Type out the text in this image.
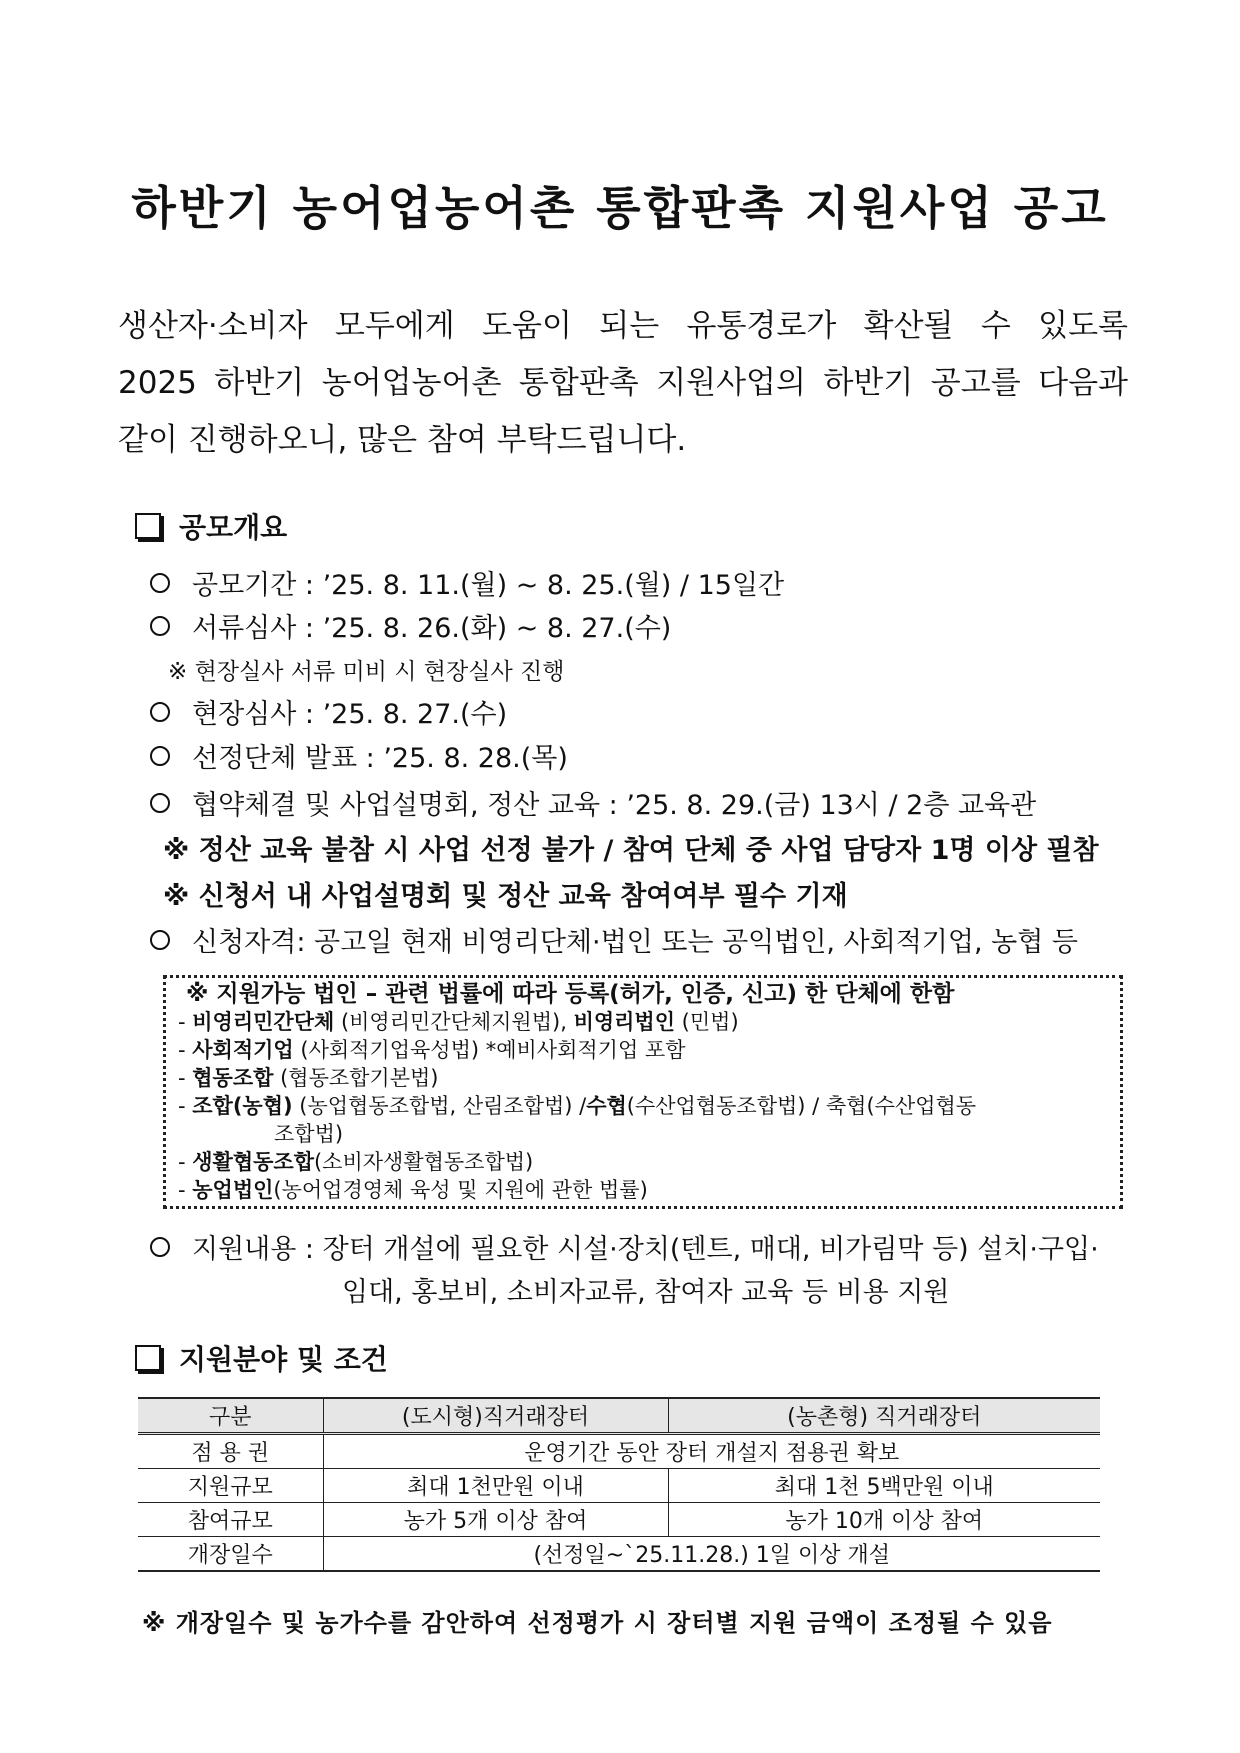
하반기 농어업농어촌 통합판촉 지원사업 공고
생산자·소비자 모두에게 도움이 되는 유통경로가 확산될 수 있도록
2025 하반기 농어업농어촌 통합판촉 지원사업의 하반기 공고를 다음과
같이 진행하오니, 많은 참여 부탁드립니다.
공모개요
공모기간 : ’25. 8. 11.(월) ~ 8. 25.(월) / 15일간
서류심사 : ’25. 8. 26.(화) ~ 8. 27.(수)
※ 현장실사 서류 미비 시 현장실사 진행
현장심사 : ’25. 8. 27.(수)
선정단체 발표 : ’25. 8. 28.(목)
협약체결 및 사업설명회, 정산 교육 : ’25. 8. 29.(금) 13시 / 2층 교육관
※ 정산 교육 불참 시 사업 선정 불가 / 참여 단체 중 사업 담당자 1명 이상 필참
※ 신청서 내 사업설명회 및 정산 교육 참여여부 필수 기재
신청자격: 공고일 현재 비영리단체·법인 또는 공익법인, 사회적기업, 농협 등
※ 지원가능 법인 – 관련 법률에 따라 등록(허가, 인증, 신고) 한 단체에 한함
- 비영리민간단체 (비영리민간단체지원법), 비영리법인 (민법)
- 사회적기업 (사회적기업육성법) *예비사회적기업 포함
- 협동조합 (협동조합기본법)
- 조합(농협) (농업협동조합법, 산림조합법) /수협(수산업협동조합법) / 축협(수산업협동
조합법)
- 생활협동조합(소비자생활협동조합법)
- 농업법인(농어업경영체 육성 및 지원에 관한 법률)
지원내용 : 장터 개설에 필요한 시설·장치(텐트, 매대, 비가림막 등) 설치·구입·
임대, 홍보비, 소비자교류, 참여자 교육 등 비용 지원
지원분야 및 조건
구분	(도시형)직거래장터	(농촌형) 직거래장터
점 용 권	운영기간 동안 장터 개설지 점용권 확보	
지원규모	최대 1천만원 이내	최대 1천 5백만원 이내
참여규모	농가 5개 이상 참여	농가 10개 이상 참여
개장일수	(선정일~`25.11.28.) 1일 이상 개설	
※ 개장일수 및 농가수를 감안하여 선정평가 시 장터별 지원 금액이 조정될 수 있음
